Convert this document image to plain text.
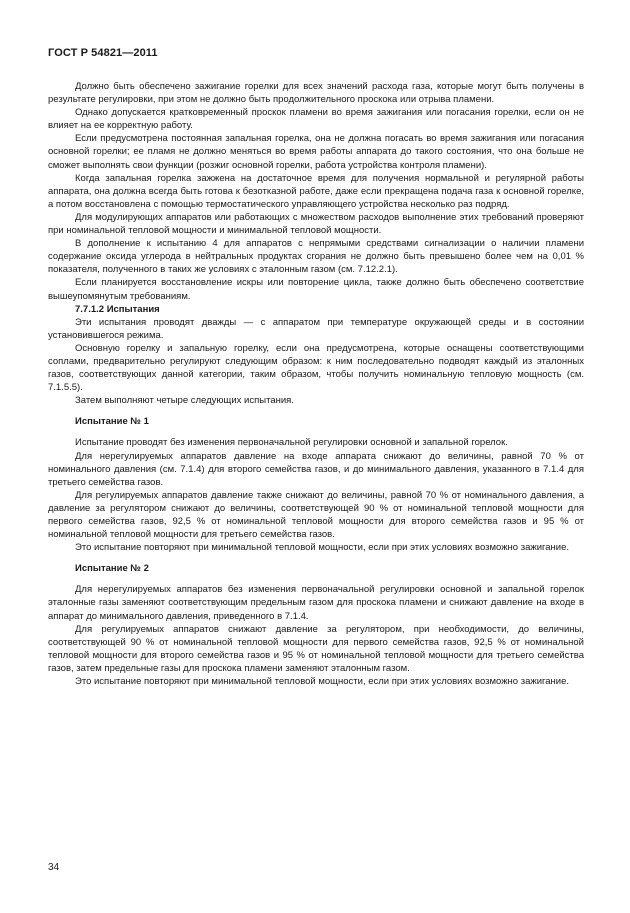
ГОСТ Р 54821—2011

Должно быть обеспечено зажигание горелки для всех значений расхода газа, которые могут быть получены в результате регулировки, при этом не должно быть продолжительного проскока или отрыва пламени.

Однако допускается кратковременный проскок пламени во время зажигания или погасания горелки, если он не влияет на ее корректную работу.

Если предусмотрена постоянная запальная горелка, она не должна погасать во время зажигания или погасания основной горелки; ее пламя не должно меняться во время работы аппарата до такого состояния, что она больше не сможет выполнять свои функции (розжиг основной горелки, работа устройства контроля пламени).

Когда запальная горелка зажжена на достаточное время для получения нормальной и регулярной работы аппарата, она должна всегда быть готова к безотказной работе, даже если прекращена подача газа к основной горелке, а потом восстановлена с помощью термостатического управляющего устройства несколько раз подряд.

Для модулирующих аппаратов или работающих с множеством расходов выполнение этих требований проверяют при номинальной тепловой мощности и минимальной тепловой мощности.

В дополнение к испытанию 4 для аппаратов с непрямыми средствами сигнализации о наличии пламени содержание оксида углерода в нейтральных продуктах сгорания не должно быть превышено более чем на 0,01 % показателя, полученного в таких же условиях с эталонным газом (см. 7.12.2.1).

Если планируется восстановление искры или повторение цикла, также должно быть обеспечено соответствие вышеупомянутым требованиям.

7.7.1.2 Испытания

Эти испытания проводят дважды — с аппаратом при температуре окружающей среды и в состоянии установившегося режима.

Основную горелку и запальную горелку, если она предусмотрена, которые оснащены соответствующими соплами, предварительно регулируют следующим образом: к ним последовательно подводят каждый из эталонных газов, соответствующих данной категории, таким образом, чтобы получить номинальную тепловую мощность (см. 7.1.5.5).

Затем выполняют четыре следующих испытания.

Испытание № 1

Испытание проводят без изменения первоначальной регулировки основной и запальной горелок.

Для нерегулируемых аппаратов давление на входе аппарата снижают до величины, равной 70 % от номинального давления (см. 7.1.4) для второго семейства газов, и до минимального давления, указанного в 7.1.4 для третьего семейства газов.

Для регулируемых аппаратов давление также снижают до величины, равной 70 % от номинального давления, а давление за регулятором снижают до величины, соответствующей 90 % от номинальной тепловой мощности для первого семейства газов, 92,5 % от номинальной тепловой мощности для второго семейства газов и 95 % от номинальной тепловой мощности для третьего семейства газов.

Это испытание повторяют при минимальной тепловой мощности, если при этих условиях возможно зажигание.

Испытание № 2

Для нерегулируемых аппаратов без изменения первоначальной регулировки основной и запальной горелок эталонные газы заменяют соответствующим предельным газом для проскока пламени и снижают давление на входе в аппарат до минимального давления, приведенного в 7.1.4.

Для регулируемых аппаратов снижают давление за регулятором, при необходимости, до величины, соответствующей 90 % от номинальной тепловой мощности для первого семейства газов, 92,5 % от номинальной тепловой мощности для второго семейства газов и 95 % от номинальной тепловой мощности для третьего семейства газов, затем предельные газы для проскока пламени заменяют эталонным газом.

Это испытание повторяют при минимальной тепловой мощности, если при этих условиях возможно зажигание.

34
